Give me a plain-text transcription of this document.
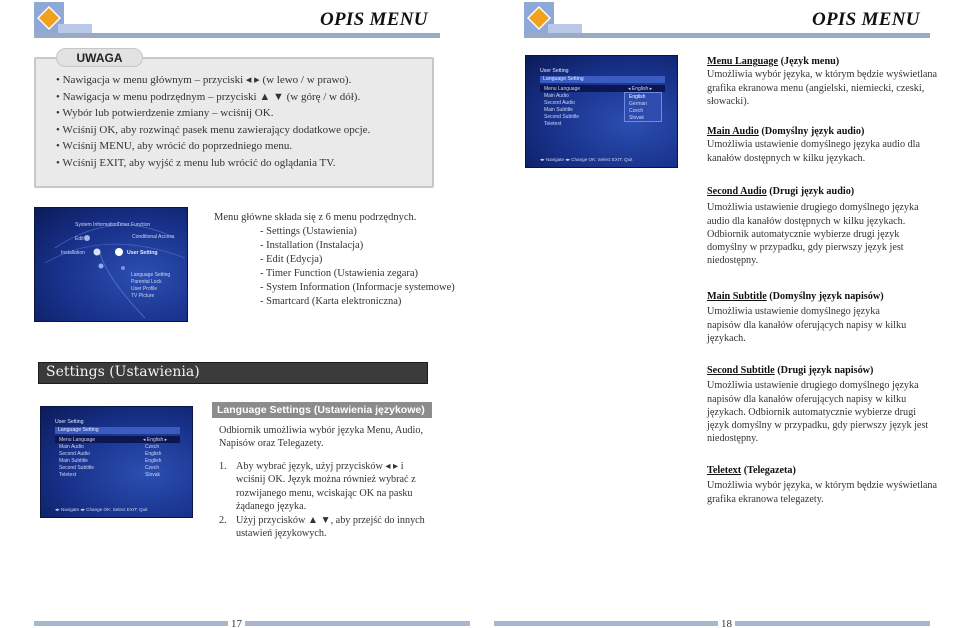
OPIS MENU
• Nawigacja w menu głównym – przyciski ◂ ▸ (w lewo / w prawo).
• Nawigacja w menu podrzędnym – przyciski ▲ ▼ (w górę / w dół).
• Wybór lub potwierdzenie zmiany – wciśnij OK.
• Wciśnij OK, aby rozwinąć pasek menu zawierający dodatkowe opcje.
• Wciśnij MENU, aby wrócić do poprzedniego menu.
• Wciśnij EXIT, aby wyjść z menu lub wrócić do oglądania TV.
UWAGA
System Information
Timer Function
Edit	Conditional Access
Installation	User Setting
Language Setting
Parental Lock
User Profile
TV Picture
Menu główne składa się z 6 menu podrzędnych.
- Settings (Ustawienia)
- Installation (Instalacja)
- Edit (Edycja)
- Timer Function (Ustawienia zegara)
- System Information (Informacje systemowe)
- Smartcard (Karta elektroniczna)
Settings (Ustawienia)
User Setting
Language Setting
Menu Language	◂ English ▸
Main Audio	Czech
Second Audio	English
Main Subtitle	English
Second Subtitle	Czech
Teletext	Slovak
◂▸ Navigate ◂▸ Change OK: Select EXIT: Quit
Language Settings (Ustawienia językowe)
Odbiornik umożliwia wybór języka Menu, Audio, Napisów oraz Telegazety.
1. Aby wybrać język, użyj przycisków ◂ ▸ i wciśnij OK. Język można również wybrać z rozwijanego menu, wciskając OK na pasku żądanego języka.
2. Użyj przycisków ▲ ▼, aby przejść do innych ustawień językowych.
17
OPIS MENU
User Setting
Language Setting
Menu Language	◂ English ▸
Main Audio
Second Audio
Main Subtitle
Second Subtitle
Teletext
English
German
Czech
Slovak
◂▸ Navigate ◂▸ Change OK: Select EXIT: Quit
Menu Language (Język menu)
Umożliwia wybór języka, w którym będzie wyświetlana
grafika ekranowa menu (angielski, niemiecki, czeski,
słowacki).
Main Audio (Domyślny język audio)
Umożliwia ustawienie domyślnego języka audio dla
kanałów dostępnych w kilku językach.
Second Audio (Drugi język audio)
Umożliwia ustawienie drugiego domyślnego języka
audio dla kanałów dostępnych w kilku językach.
Odbiornik automatycznie wybierze drugi język
domyślny w przypadku, gdy pierwszy język jest
niedostępny.
Main Subtitle (Domyślny język napisów)
Umożliwia ustawienie domyślnego języka
napisów dla kanałów oferujących napisy w kilku
językach.
Second Subtitle (Drugi język napisów)
Umożliwia ustawienie drugiego domyślnego języka
napisów dla kanałów oferujących napisy w kilku
językach. Odbiornik automatycznie wybierze drugi
język domyślny w przypadku, gdy pierwszy język jest
niedostępny.
Teletext (Telegazeta)
Umożliwia wybór języka, w którym będzie wyświetlana
grafika ekranowa telegazety.
18
